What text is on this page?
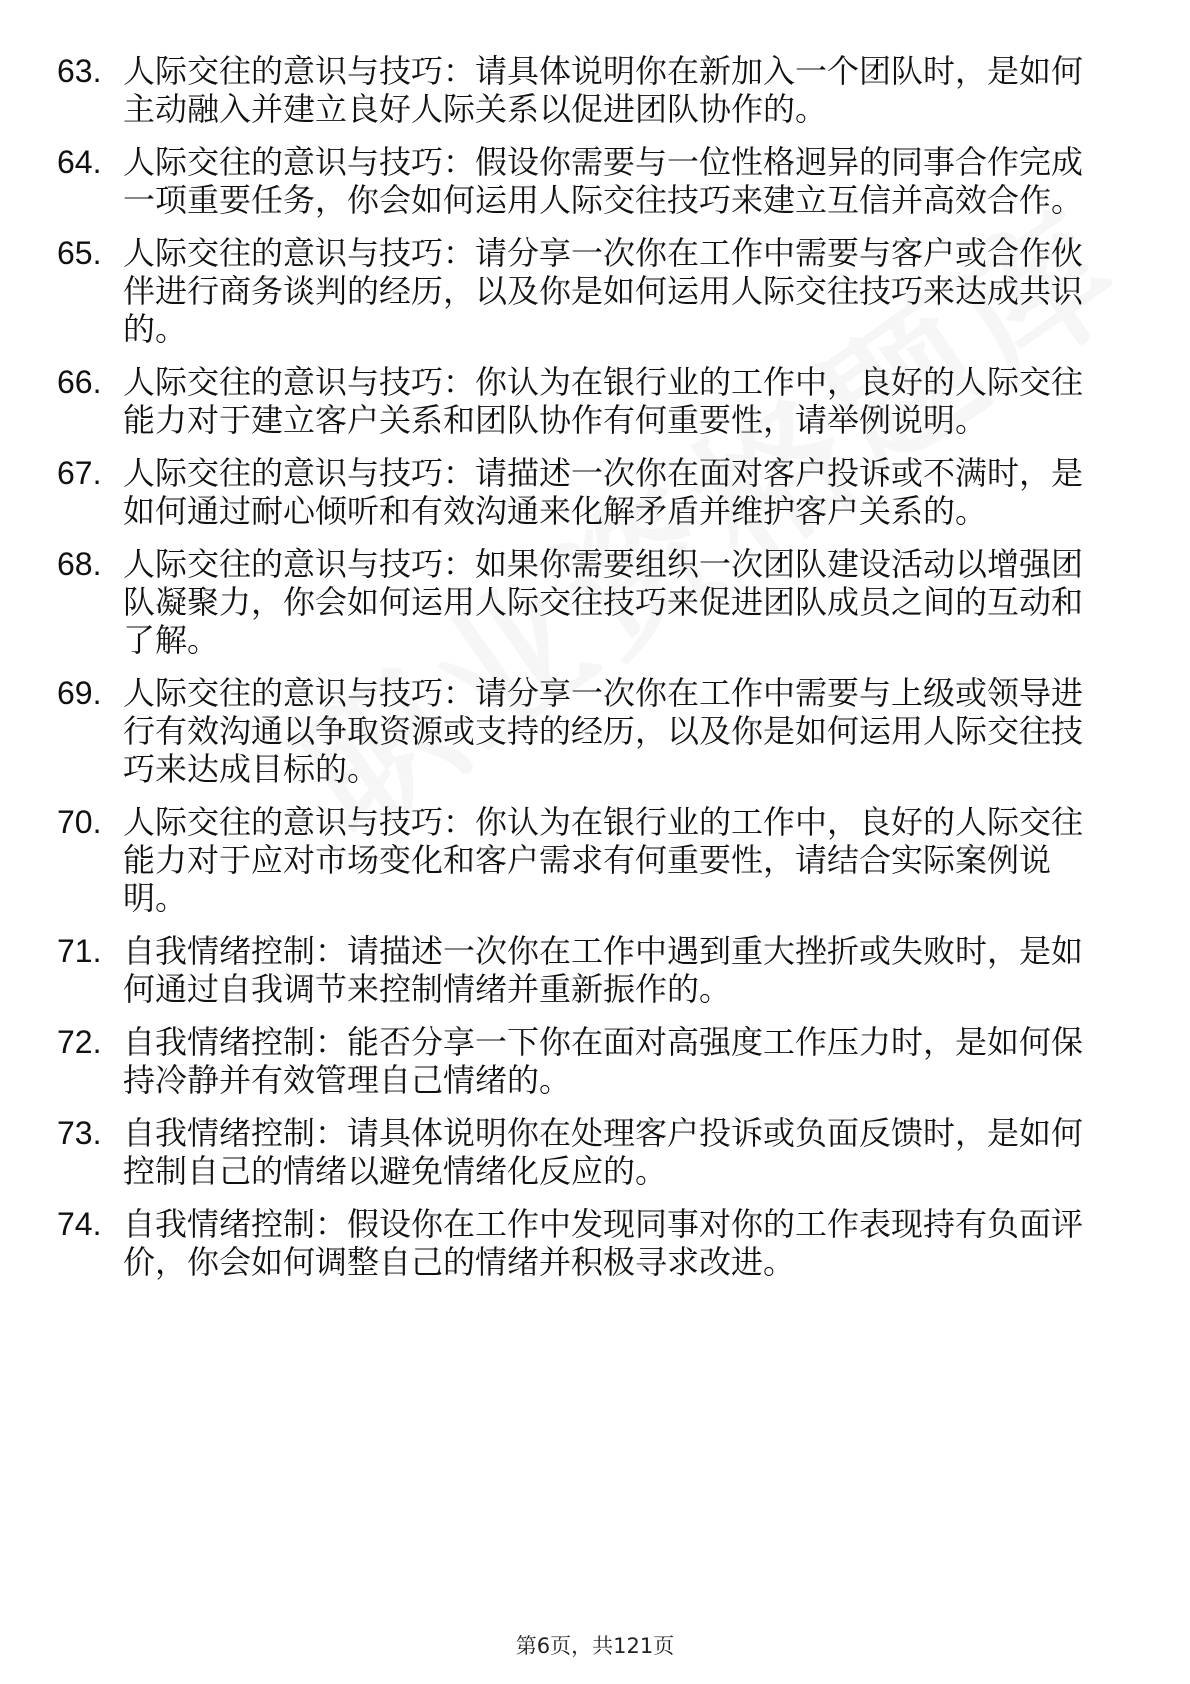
63. 人际交往的意识与技巧：请具体说明你在新加入一个团队时，是如何主动融入并建立良好人际关系以促进团队协作的。
64. 人际交往的意识与技巧：假设你需要与一位性格迥异的同事合作完成一项重要任务，你会如何运用人际交往技巧来建立互信并高效合作。
65. 人际交往的意识与技巧：请分享一次你在工作中需要与客户或合作伙伴进行商务谈判的经历，以及你是如何运用人际交往技巧来达成共识的。
66. 人际交往的意识与技巧：你认为在银行业的工作中，良好的人际交往能力对于建立客户关系和团队协作有何重要性，请举例说明。
67. 人际交往的意识与技巧：请描述一次你在面对客户投诉或不满时，是如何通过耐心倾听和有效沟通来化解矛盾并维护客户关系的。
68. 人际交往的意识与技巧：如果你需要组织一次团队建设活动以增强团队凝聚力，你会如何运用人际交往技巧来促进团队成员之间的互动和了解。
69. 人际交往的意识与技巧：请分享一次你在工作中需要与上级或领导进行有效沟通以争取资源或支持的经历，以及你是如何运用人际交往技巧来达成目标的。
70. 人际交往的意识与技巧：你认为在银行业的工作中，良好的人际交往能力对于应对市场变化和客户需求有何重要性，请结合实际案例说明。
71. 自我情绪控制：请描述一次你在工作中遇到重大挫折或失败时，是如何通过自我调节来控制情绪并重新振作的。
72. 自我情绪控制：能否分享一下你在面对高强度工作压力时，是如何保持冷静并有效管理自己情绪的。
73. 自我情绪控制：请具体说明你在处理客户投诉或负面反馈时，是如何控制自己的情绪以避免情绪化反应的。
74. 自我情绪控制：假设你在工作中发现同事对你的工作表现持有负面评价，你会如何调整自己的情绪并积极寻求改进。
第6页，共121页
